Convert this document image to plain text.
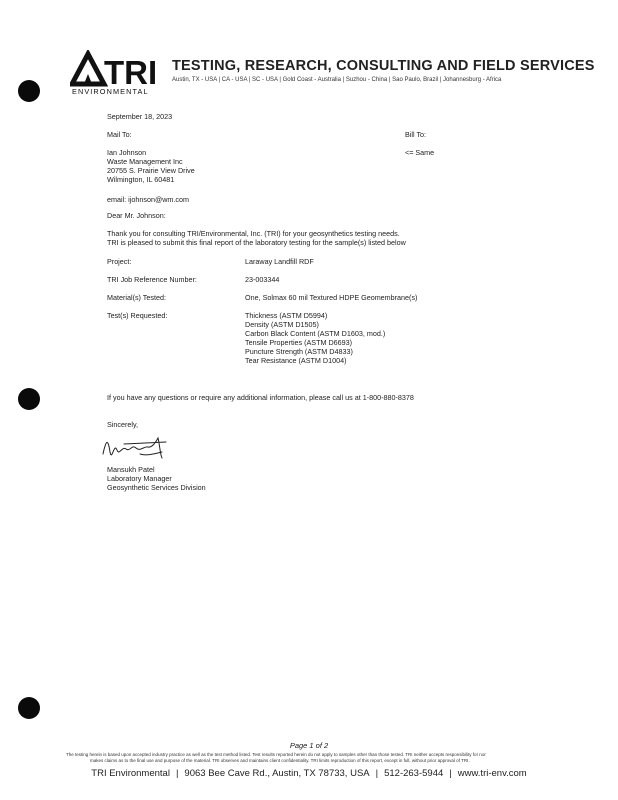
TRI
ENVIRONMENTAL
TESTING, RESEARCH, CONSULTING AND FIELD SERVICES
Austin, TX - USA | CA - USA | SC - USA | Gold Coast - Australia | Suzhou - China | Sao Paulo, Brazil | Johannesburg - Africa
September 18, 2023
Mail To:	Bill To:
Ian Johnson	<= Same
Waste Management Inc
20755 S. Prairie View Drive
Wilmington, IL 60481
email: ijohnson@wm.com
Dear Mr. Johnson:
Thank you for consulting TRI/Environmental, Inc. (TRI) for your geosynthetics testing needs.
TRI is pleased to submit this final report of the laboratory testing for the sample(s) listed below
Project:	Laraway Landfill RDF
TRI Job Reference Number:	23-003344
Material(s) Tested:	One, Solmax 60 mil Textured HDPE Geomembrane(s)
Test(s) Requested:	Thickness (ASTM D5994)
Density (ASTM D1505)
Carbon Black Content (ASTM D1603, mod.)
Tensile Properties (ASTM D6693)
Puncture Strength (ASTM D4833)
Tear Resistance (ASTM D1004)
If you have any questions or require any additional information, please call us at 1-800-880-8378
Sincerely,
Mansukh Patel
Laboratory Manager
Geosynthetic Services Division
Page 1 of 2
The testing herein is based upon accepted industry practice as well as the test method listed. Test results reported herein do not apply to samples other than those tested. TRI neither accepts responsibility for nor
makes claims as to the final use and purpose of the material. TRI observes and maintains client confidentiality. TRI limits reproduction of this report, except in full, without prior approval of TRI.
TRI Environmental | 9063 Bee Cave Rd., Austin, TX 78733, USA | 512-263-5944 | www.tri-env.com
